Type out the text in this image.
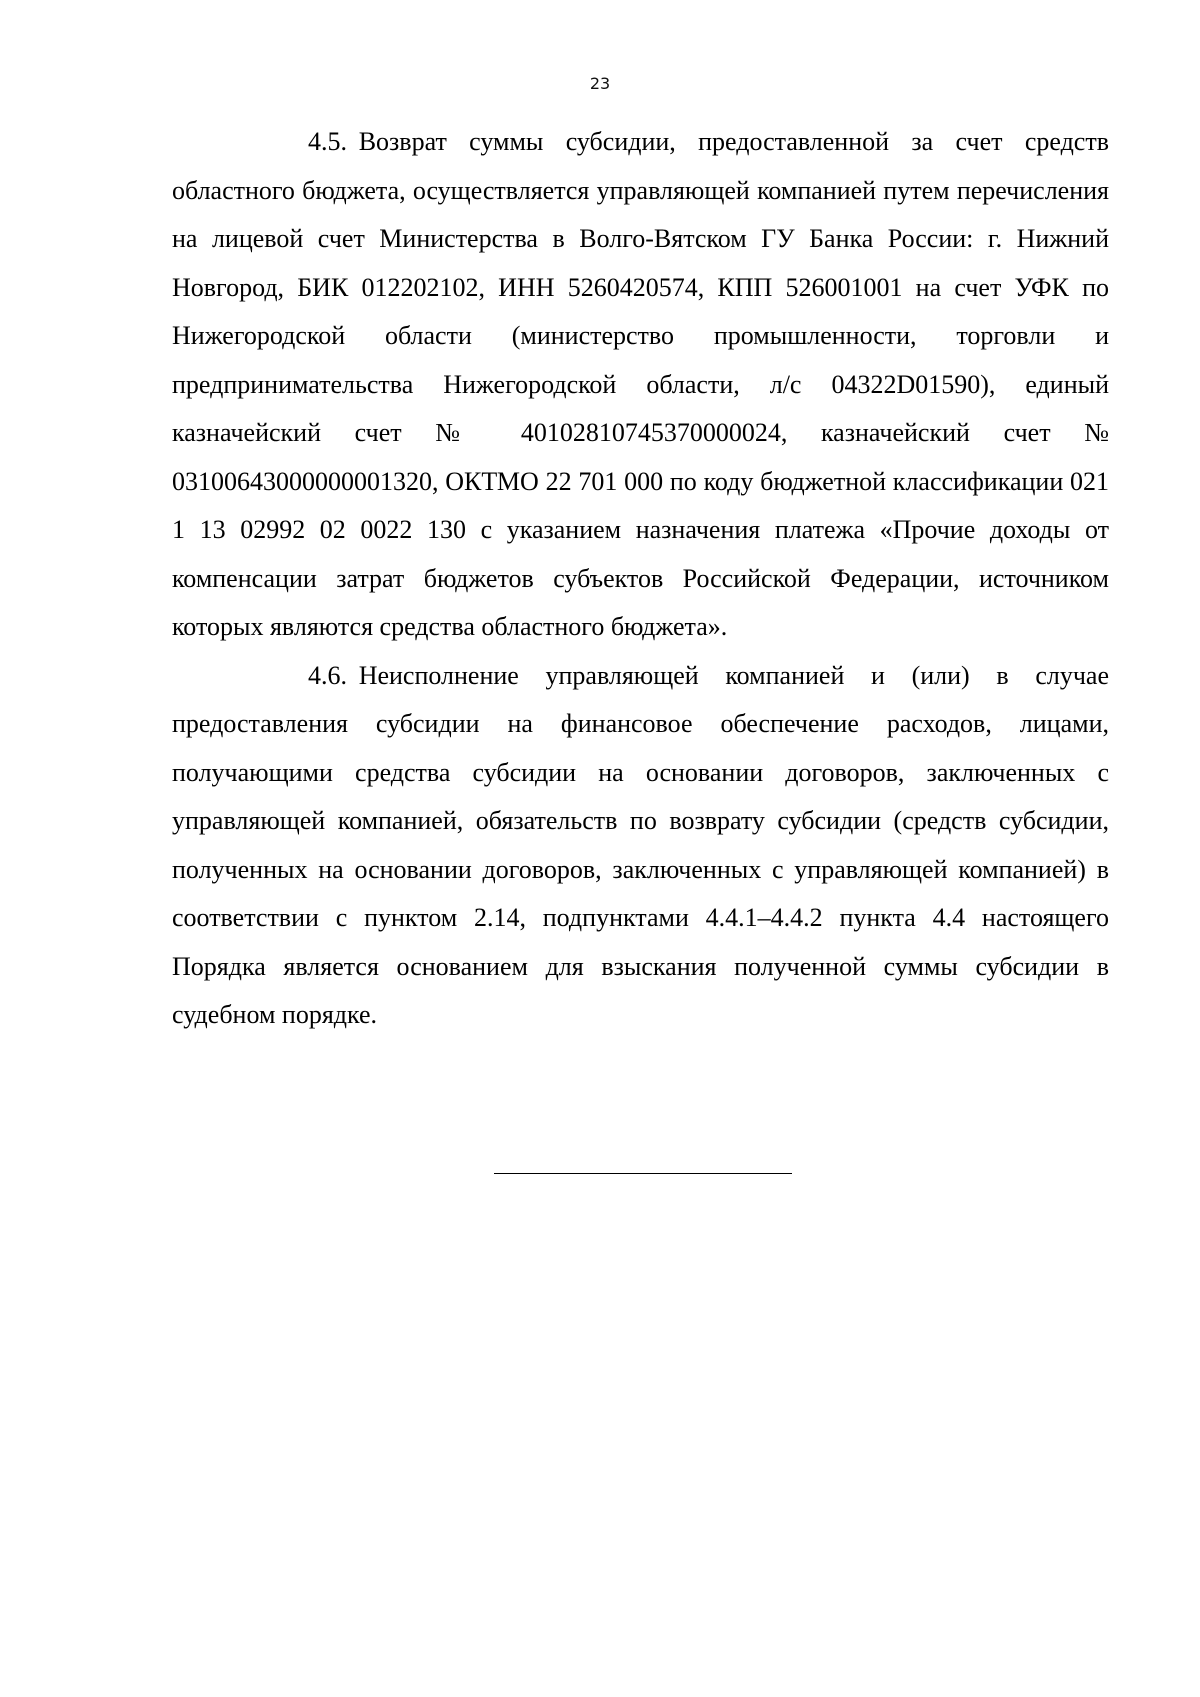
23

4.5. Возврат суммы субсидии, предоставленной за счет средств областного бюджета, осуществляется управляющей компанией путем перечисления на лицевой счет Министерства в Волго-Вятском ГУ Банка России: г. Нижний Новгород, БИК 012202102, ИНН 5260420574, КПП 526001001 на счет УФК по Нижегородской области (министерство промышленности, торговли и предпринимательства Нижегородской области, л/с 04322D01590), единый казначейский счет № 40102810745370000024, казначейский счет № 03100643000000001320, ОКТМО 22 701 000 по коду бюджетной классификации 021 1 13 02992 02 0022 130 с указанием назначения платежа «Прочие доходы от компенсации затрат бюджетов субъектов Российской Федерации, источником которых являются средства областного бюджета».

4.6. Неисполнение управляющей компанией и (или) в случае предоставления субсидии на финансовое обеспечение расходов, лицами, получающими средства субсидии на основании договоров, заключенных с управляющей компанией, обязательств по возврату субсидии (средств субсидии, полученных на основании договоров, заключенных с управляющей компанией) в соответствии с пунктом 2.14, подпунктами 4.4.1–4.4.2 пункта 4.4 настоящего Порядка является основанием для взыскания полученной суммы субсидии в судебном порядке.
